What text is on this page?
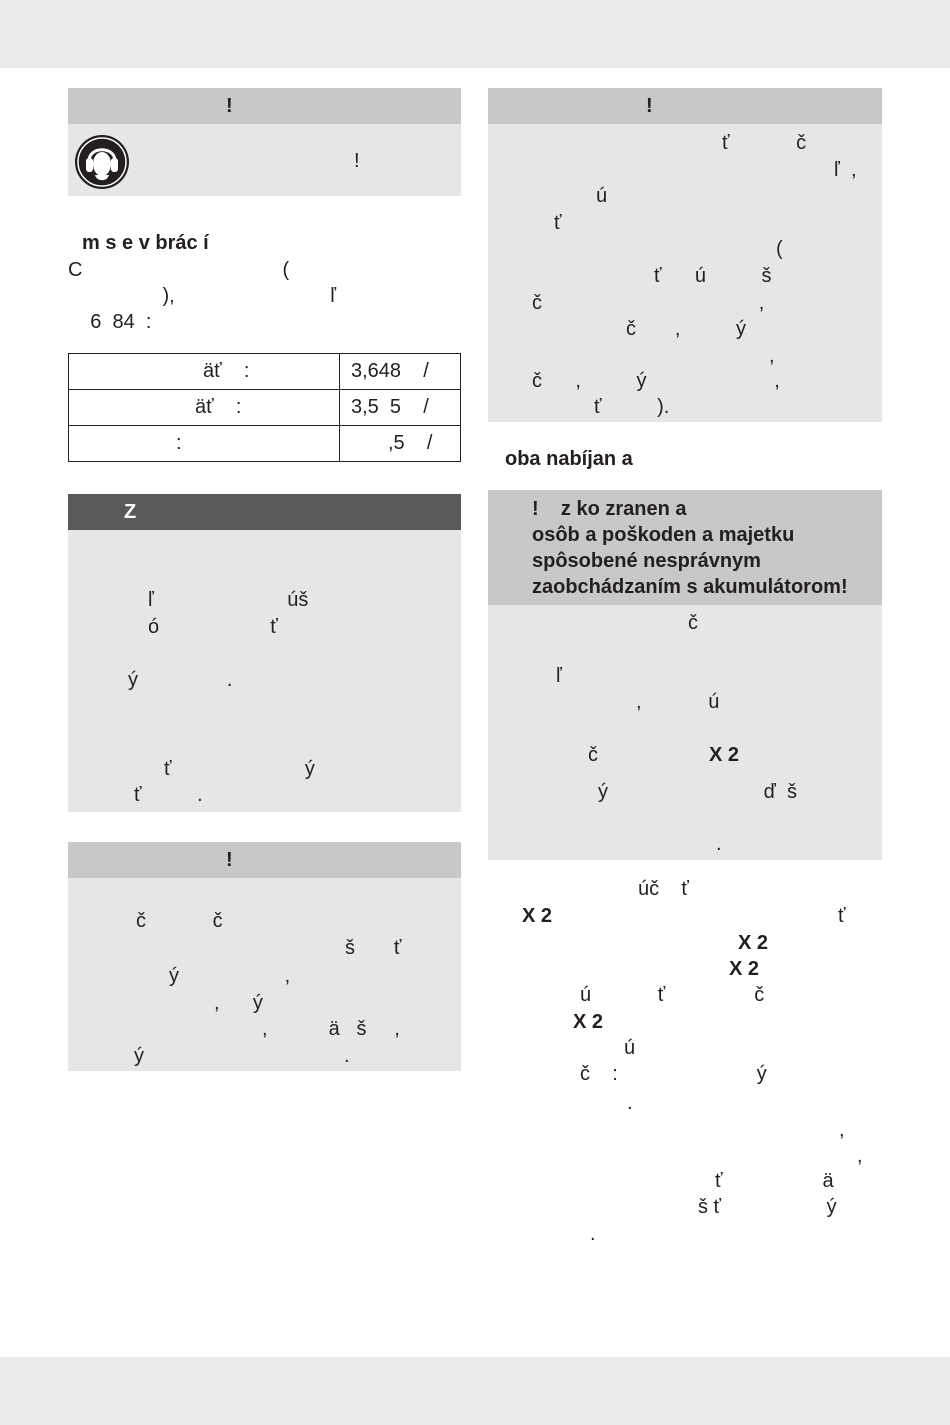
!
!
m s e v brác í
C                                    (
),                            ľ
6  84  :
äť    :	3,648    /

äť    :	3,5  5    /

:	,5    /
Z
ľ                        úš
ó                    ť
ý                .
ť                        ý
ť          .
!
č            č
š       ť
ý                   ,
,      ý
,           ä   š     ,
ý                                    .
!
ť            č
ľ  ,
ú
ť
(
ť      ú          š
č                                       ,
č       ,          ý
,
č      ,          ý                       ,
ť          ).
oba nabíjan a
!    z ko zranen a
osôb a poškoden a majetku
spôsobené nesprávnym
zaobchádzaním s akumulátorom!
č
ľ
,            ú
č	X 2
ý                            ď  š
.
úč    ť
X 2	ť
X 2
X 2
ú            ť                č
X 2
ú
č    :                         ý
.
,
,
ť                  ä
š ť                   ý
.
